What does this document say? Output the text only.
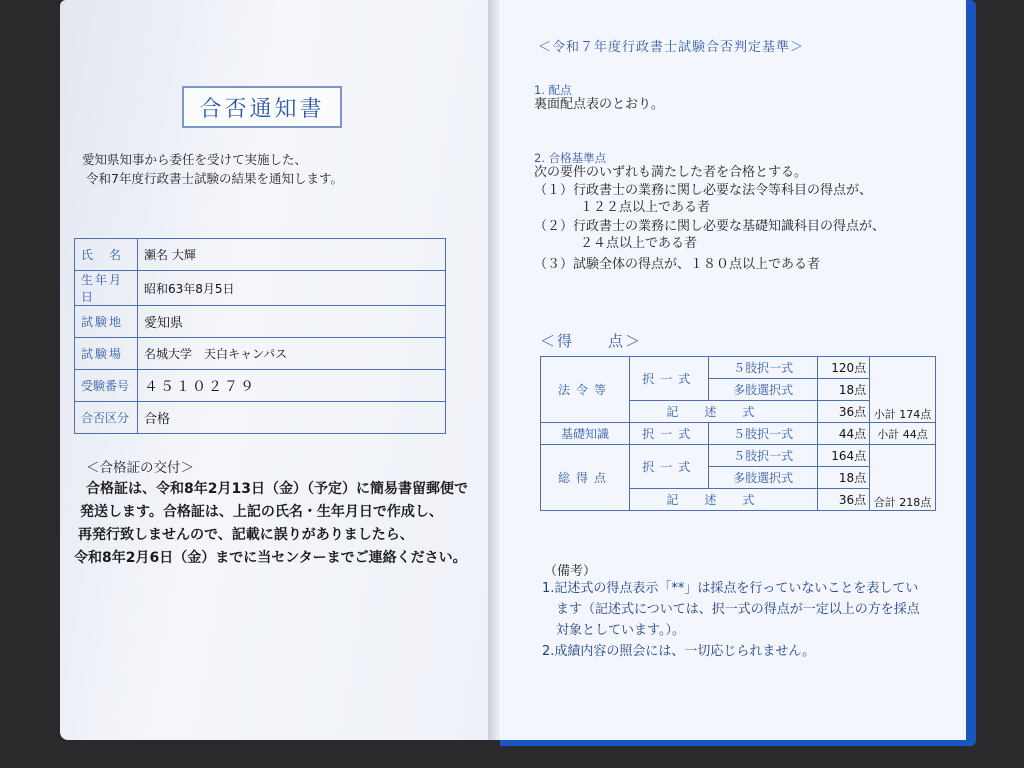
合否通知書
愛知県知事から委任を受けて実施した、
令和7年度行政書士試験の結果を通知します。
氏　名	瀬名 大輝
生年月日	昭和63年8月5日
試験地	愛知県
試験場	名城大学　天白キャンパス
受験番号	４５１０２７９
合否区分	合格
＜合格証の交付＞
合格証は、令和8年2月13日（金）（予定）に簡易書留郵便で
発送します。合格証は、上記の氏名・生年月日で作成し、
再発行致しませんので、記載に誤りがありましたら、
令和8年2月6日（金）までに当センターまでご連絡ください。
＜令和７年度行政書士試験合否判定基準＞
1. 配点
裏面配点表のとおり。
2. 合格基準点
次の要件のいずれも満たした者を合格とする。
（１）行政書士の業務に関し必要な法令等科目の得点が、
１２２点以上である者
（２）行政書士の業務に関し必要な基礎知識科目の得点が、
２４点以上である者
（３）試験全体の得点が、１８０点以上である者
＜得　　点＞
法令等	択一式	５肢択一式	120点	小計 174点
		多肢選択式	18点	
	記述式		36点	
基礎知識	択一式	５肢択一式	44点	小計 44点
総得点	択一式	５肢択一式	164点	合計 218点
		多肢選択式	18点	
	記述式		36点	
（備考）
1.記述式の得点表示「**」は採点を行っていないことを表してい
ます（記述式については、択一式の得点が一定以上の方を採点
対象としています。）。
2.成績内容の照会には、一切応じられません。
